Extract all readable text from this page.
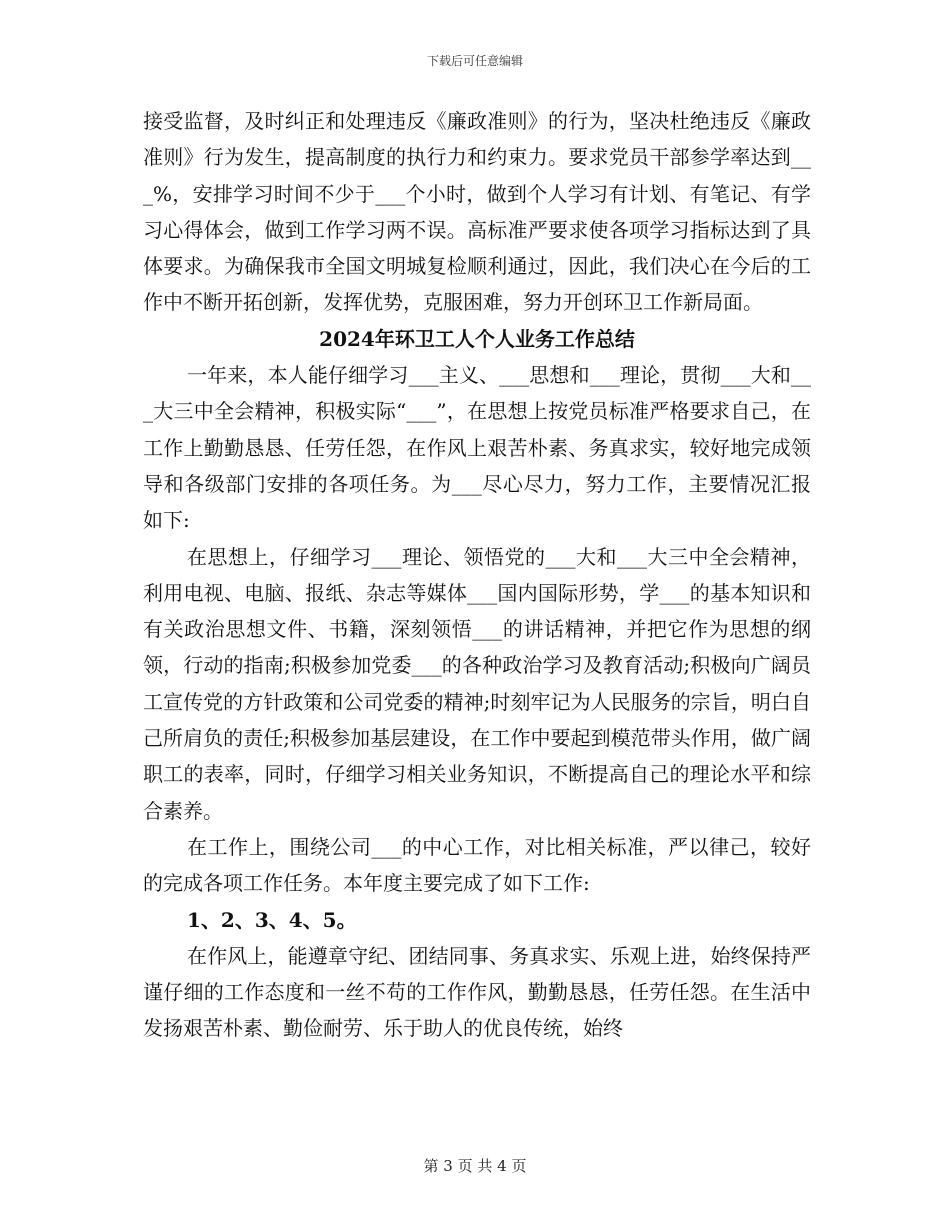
下载后可任意编辑

接受监督，及时纠正和处理违反《廉政准则》的行为，坚决杜绝违反《廉政准则》行为发生，提高制度的执行力和约束力。要求党员干部参学率达到___%，安排学习时间不少于___个小时，做到个人学习有计划、有笔记、有学习心得体会，做到工作学习两不误。高标准严要求使各项学习指标达到了具体要求。为确保我市全国文明城复检顺利通过，因此，我们决心在今后的工作中不断开拓创新，发挥优势，克服困难，努力开创环卫工作新局面。

2024年环卫工人个人业务工作总结

一年来，本人能仔细学习___主义、___思想和___理论，贯彻___大和___大三中全会精神，积极实际“___”，在思想上按党员标准严格要求自己，在工作上勤勤恳恳、任劳任怨，在作风上艰苦朴素、务真求实，较好地完成领导和各级部门安排的各项任务。为___尽心尽力，努力工作，主要情况汇报如下:

在思想上，仔细学习___理论、领悟党的___大和___大三中全会精神，利用电视、电脑、报纸、杂志等媒体___国内国际形势，学___的基本知识和有关政治思想文件、书籍，深刻领悟___的讲话精神，并把它作为思想的纲领，行动的指南;积极参加党委___的各种政治学习及教育活动;积极向广阔员工宣传党的方针政策和公司党委的精神;时刻牢记为人民服务的宗旨，明白自己所肩负的责任;积极参加基层建设，在工作中要起到模范带头作用，做广阔职工的表率，同时，仔细学习相关业务知识，不断提高自己的理论水平和综合素养。

在工作上，围绕公司___的中心工作，对比相关标准，严以律己，较好的完成各项工作任务。本年度主要完成了如下工作:

1、2、3、4、5。

在作风上，能遵章守纪、团结同事、务真求实、乐观上进，始终保持严谨仔细的工作态度和一丝不苟的工作作风，勤勤恳恳，任劳任怨。在生活中发扬艰苦朴素、勤俭耐劳、乐于助人的优良传统，始终

第 3 页 共 4 页
